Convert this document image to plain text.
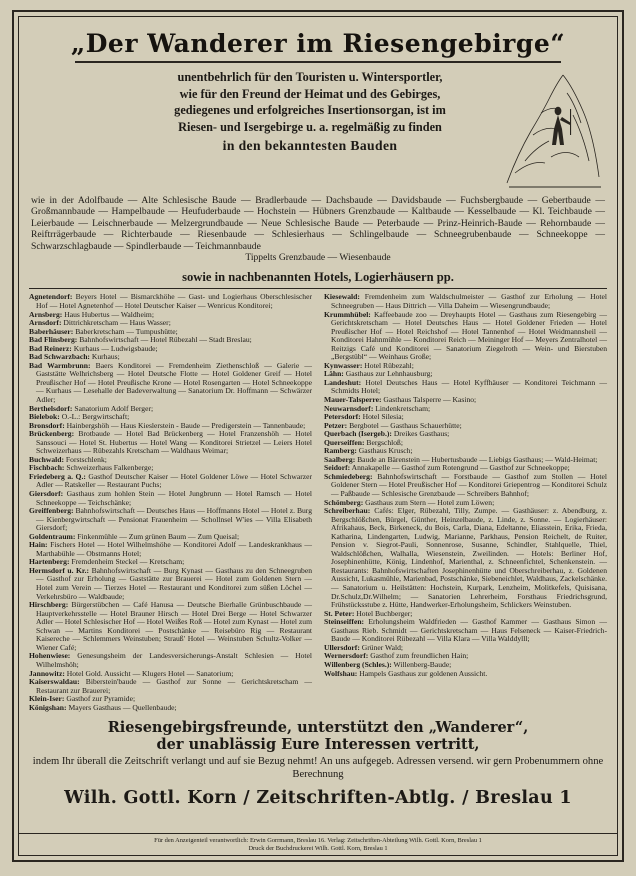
„Der Wanderer im Riesengebirge“
unentbehrlich für den Touristen u. Wintersportler,
wie für den Freund der Heimat und des Gebirges,
gediegenes und erfolgreiches Insertionsorgan, ist im
Riesen- und Isergebirge u. a. regelmäßig zu finden
in den bekanntesten Bauden
wie in der Adolfbaude — Alte Schlesische Baude — Bradlerbaude — Dachsbaude — Davidsbaude — Fuchsbergbaude — Gebertbaude — Großmannbaude — Hampelbaude — Heufuderbaude — Hochstein — Hübners Grenzbaude — Kaltbaude — Kesselbaude — Kl. Teichbaude — Leierbaude — Leischnerbaude — Melzergrundbaude — Neue Schlesische Baude — Peterbaude — Prinz-Heinrich-Baude — Rehornbaude — Reiftrrägerbaude — Richterbaude — Riesenbaude — Schlesierhaus — Schlingelbaude — Schneegrubenbaude — Schneekoppe — Schwarzschlagbaude — Spindlerbaude — Teichmannbaude
Tippelts Grenzbaude — Wiesenbaude
sowie in nachbenannten Hotels, Logierhäusern pp.

Agnetendorf: Beyers Hotel — Bismarckhöhe — Gast- und Logierhaus Oberschlesischer Hof — Hotel Agnetenhof — Hotel Deutscher Kaiser — Wenricus Konditorei;

Arnsberg: Haus Hubertus — Waldheim;

Arnsdorf: Dittrichkretscham — Haus Wasser;

Baberhäuser: Baberkretscham — Tumpushütte;

Bad Flinsberg: Bahnhofswirtschaft — Hotel Rübezahl — Stadt Breslau;

Bad Reinerz: Kurhaus — Ludwigsbaude;

Bad Schwarzbach: Kurhaus;

Bad Warmbrunn: Baers Konditorei — Fremdenheim Ziethenschloß — Galerie — Gaststätte Welhrichsberg — Hotel Deutsche Flotte — Hotel Goldener Greif — Hotel Preußischer Hof — Hotel Preußische Krone — Hotel Rosengarten — Hotel Schneekoppe — Kurhaus — Lesehalle der Badeverwaltung — Sanatorium Dr. Hoffmann — Schwärzer Adler;

Berthelsdorf: Sanatorium Adolf Berger;

Bielebok: O.-L.: Bergwirtschaft;

Bronsdorf: Hainbergshöh — Haus Kieslerstein - Baude — Predigerstein — Tannenbaude;

Brückenberg: Brotbaude — Hotel Bad Brückenberg — Hotel Franzenshöh — Hotel Sanssouci — Hotel St. Hubertus — Hotel Wang — Konditorei Strietzel — Leiers Hotel Schweizerhaus — Rübezahls Kretscham — Waldhaus Weimar;

Buchwald: Forstschlenk;

Fischbach: Schweizerhaus Falkenberge;

Friedeberg a. Q.: Gasthof Deutscher Kaiser — Hotel Goldener Löwe — Hotel Schwarzer Adler — Ratskeller — Restaurant Puchs;

Giersdorf: Gasthaus zum hohlen Stein — Hotel Jungbrunn — Hotel Ramsch — Hotel Schneekoppe — Teichschänke;

Greiffenberg: Bahnhofswirtschaft — Deutsches Haus — Hoffmanns Hotel — Hotel z. Burg — Kienbergwirtschaft — Pensionat Frauenheim — Schollnsel W'ies — Villa Elisabeth Giersdorf;

Goldentraum: Finkenmühle — Zum grünen Baum — Zum Queisal;

Hain: Fischers Hotel — Hotel Wilhelmshöhe — Konditorei Adolf — Landeskrankhaus — Marthabühle — Obstmanns Hotel;

Hartenberg: Fremdenheim Steckel — Kretscham;

Hermsdorf u. Kr.: Bahnhofswirtschaft — Burg Kynast — Gasthaus zu den Schneegruben — Gasthof zur Erholung — Gaststätte zur Brauerei — Hotel zum Goldenen Stern — Hotel zum Verein — Tierzes Hotel — Restaurant und Konditorei zum süßen Löchel — Verkehrsbüro — Waldbaude;

Hirschberg: Bürgerstübchen — Café Hanusa — Deutsche Bierhalle Grünbuschbaude — Hauptverkehrsstelle — Hotel Brauner Hirsch — Hotel Drei Berge — Hotel Schwarzer Adler — Hotel Schlesischer Hof — Hotel Weißes Roß — Hotel zum Kynast — Hotel zum Schwan — Martins Konditorei — Postschänke — Reisebüro Rig — Restaurant Kaisereche — Schlemmers Weinstuben; Strauß' Hotel — Weinstuben Schultz-Volker — Wiener Café;

Hohenwiese: Genesungsheim der Landesversicherungs-Anstalt Schlesien — Hotel Wilhelmshöh;

Jannowitz: Hotel Gold. Aussicht — Klugers Hotel — Sanatorium;

Kaiserswaldau: Biberstein'baude — Gasthof zur Sonne — Gerichtskretscham — Restaurant zur Brauerei;

Klein-Iser: Gasthof zur Pyramide;

Königshan: Mayers Gasthaus — Quellenbaude;

Kiesewald: Fremdenheim zum Waldschulmeister — Gasthof zur Erholung — Hotel Schneegruben — Haus Dittrich — Villa Daheim — Wiesengrundbaude;

Krummhübel: Kaffeebaude zoo — Dreyhaupts Hotel — Gasthaus zum Riesengebirg — Gerichtskretscham — Hotel Deutsches Haus — Hotel Goldener Frieden — Hotel Preußischer Hof — Hotel Reichshof — Hotel Tannenhof — Hotel Weidmannsheil — Konditorei Hahnmühle — Konditorei Reich — Meininger Hof — Meyers Zentralhotel — Reitzigs Café und Konditorei — Sanatorium Ziegelroth — Wein- und Bierstuben „Bergstübl“ — Weinhaus Große;

Kynwasser: Hotel Rübezahl;

Lähn: Gasthaus zur Lehnhausburg;

Landeshut: Hotel Deutsches Haus — Hotel Kyffhäuser — Konditorei Teichmann — Schmidts Hotel;

Mauer-Talsperre: Gasthaus Talsperre — Kasino;

Neuwarnsdorf: Lindenkretscham;

Petersdorf: Hotel Silesia;

Petzer: Bergbotel — Gasthaus Schauerhütte;

Querbach (Isergeb.): Dreikes Gasthaus;

Querseiffen: Bergschloß;

Ramberg: Gasthaus Krusch;

Saalberg: Baude an Bärenstein — Hubertusbaude — Liebigs Gasthaus; — Wald-Heimat;

Seidorf: Annakapelle — Gasthof zum Rotengrund — Gasthof zur Schneekoppe;

Schmiedeberg: Bahnhofswirtschaft — Forstbaude — Gasthof zum Stollen — Hotel Goldener Stern — Hotel Preußischer Hof — Konditorei Griepentrog — Konditorei Schulz — Paßbaude — Schlesische Grenzbaude — Schreibers Bahnhof;

Schömberg: Gasthaus zum Stern — Hotel zum Löwen;

Schreiberhau: Cafés: Elger, Rübezahl, Tilly, Zumpe. — Gasthäuser: z. Abendburg, z. Bergschlößchen, Bürgel, Günther, Heinzelbaude, z. Linde, z. Sonne. — Logierhäuser: Afrikahaus, Beck, Birkeneck, du Bois, Carla, Diana, Edeltanne, Eliasstein, Erika, Frieda, Katharina, Lindengarten, Ludwig, Marianne, Parkhaus, Pension Reichelt, de Ruiter, Pension v. Siegrot-Pauli, Sonnenrose, Susanne, Schindler, Stahlquelle, Thiel, Waldschlößchen, Walhalla, Wiesenstein, Zweilinden. — Hotels: Berliner Hof, Josephinenhütte, König, Lindenhof, Marienthal, z. Schneenfichtel, Schenkenstein. — Restaurants: Bahnhofswirtschaften Josephinenhütte und Oberschreiberhau, z. Goldenen Aussicht, Lukasmühle, Marienbad, Postschänke, Siebeneichlet, Waldhaus, Zackelschänke. — Sanatorium u. Heilstätten: Hochstein, Kurpark, Lenzheim, Molitkefels, Quisisana, Dr.Schulz,Dr.Wilhelm; — Sanatorien Lehrerheim, Forsthaus Friedrichsgrund, Frühstücksstube z. Hütte, Handwerker-Erholungsheim, Schlickers Weinstuben.

St. Peter: Hotel Buchberger;

Steinseiffen: Erholungsheim Waldfrieden — Gasthof Kammer — Gasthaus Simon — Gasthaus Rieb. Schmidt — Gerichtskretscham — Haus Felseneck — Kaiser-Friedrich-Baude — Konditorei Rübezahl — Villa Klara — Villa Walddylll;

Ullersdorf: Grüner Wald;

Wernersdorf: Gasthof zum freundlichen Hain;

Willenberg (Schles.): Willenberg-Baude;

Wolfshau: Hampels Gasthaus zur goldenen Aussicht.

Riesengebirgsfreunde, unterstützt den „Wanderer“,
der unablässig Eure Interessen vertritt,
indem Ihr überall die Zeitschrift verlangt und auf sie Bezug nehmt! An uns aufgegeb. Adressen versend. wir gern Probenummern ohne Berechnung
Wilh. Gottl. Korn / Zeitschriften-Abtlg. / Breslau 1
Für den Anzeigenteil verantwortlich: Erwin Gorrmann, Breslau 16. Verlag: Zeitschriften-Abteilung Wilh. Gottl. Korn, Breslau 1
Druck der Buchdruckerei Wilh. Gottl. Korn, Breslau 1
